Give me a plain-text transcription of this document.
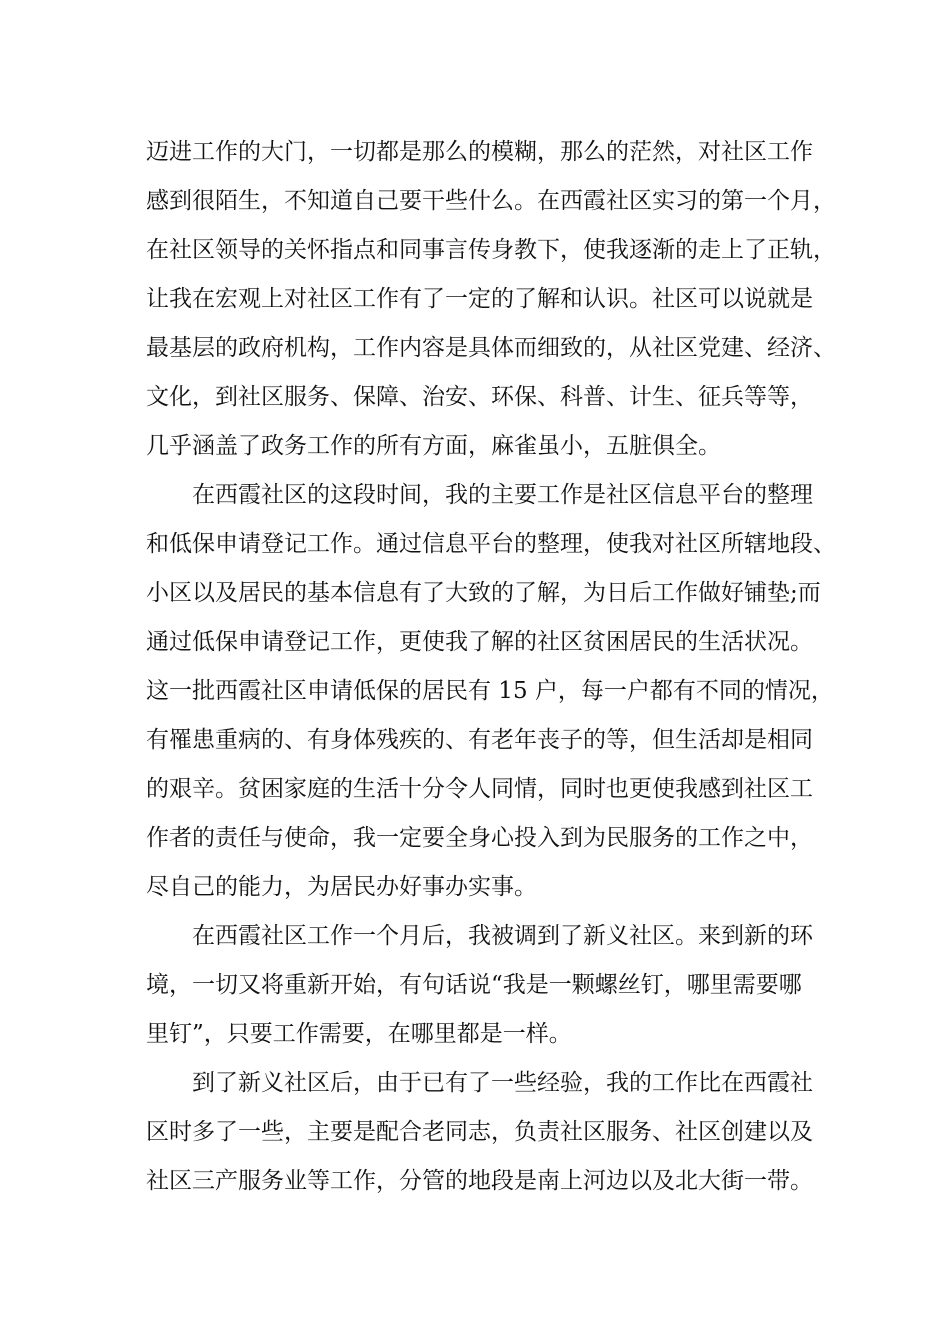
迈进工作的大门，一切都是那么的模糊，那么的茫然，对社区工作
感到很陌生，不知道自己要干些什么。在西霞社区实习的第一个月，
在社区领导的关怀指点和同事言传身教下，使我逐渐的走上了正轨，
让我在宏观上对社区工作有了一定的了解和认识。社区可以说就是
最基层的政府机构，工作内容是具体而细致的，从社区党建、经济、
文化，到社区服务、保障、治安、环保、科普、计生、征兵等等，
几乎涵盖了政务工作的所有方面，麻雀虽小，五脏俱全。
在西霞社区的这段时间，我的主要工作是社区信息平台的整理
和低保申请登记工作。通过信息平台的整理，使我对社区所辖地段、
小区以及居民的基本信息有了大致的了解，为日后工作做好铺垫;而
通过低保申请登记工作，更使我了解的社区贫困居民的生活状况。
这一批西霞社区申请低保的居民有 15 户，每一户都有不同的情况，
有罹患重病的、有身体残疾的、有老年丧子的等，但生活却是相同
的艰辛。贫困家庭的生活十分令人同情，同时也更使我感到社区工
作者的责任与使命，我一定要全身心投入到为民服务的工作之中，
尽自己的能力，为居民办好事办实事。
在西霞社区工作一个月后，我被调到了新义社区。来到新的环
境，一切又将重新开始，有句话说“我是一颗螺丝钉，哪里需要哪
里钉”，只要工作需要，在哪里都是一样。
到了新义社区后，由于已有了一些经验，我的工作比在西霞社
区时多了一些，主要是配合老同志，负责社区服务、社区创建以及
社区三产服务业等工作，分管的地段是南上河边以及北大街一带。
